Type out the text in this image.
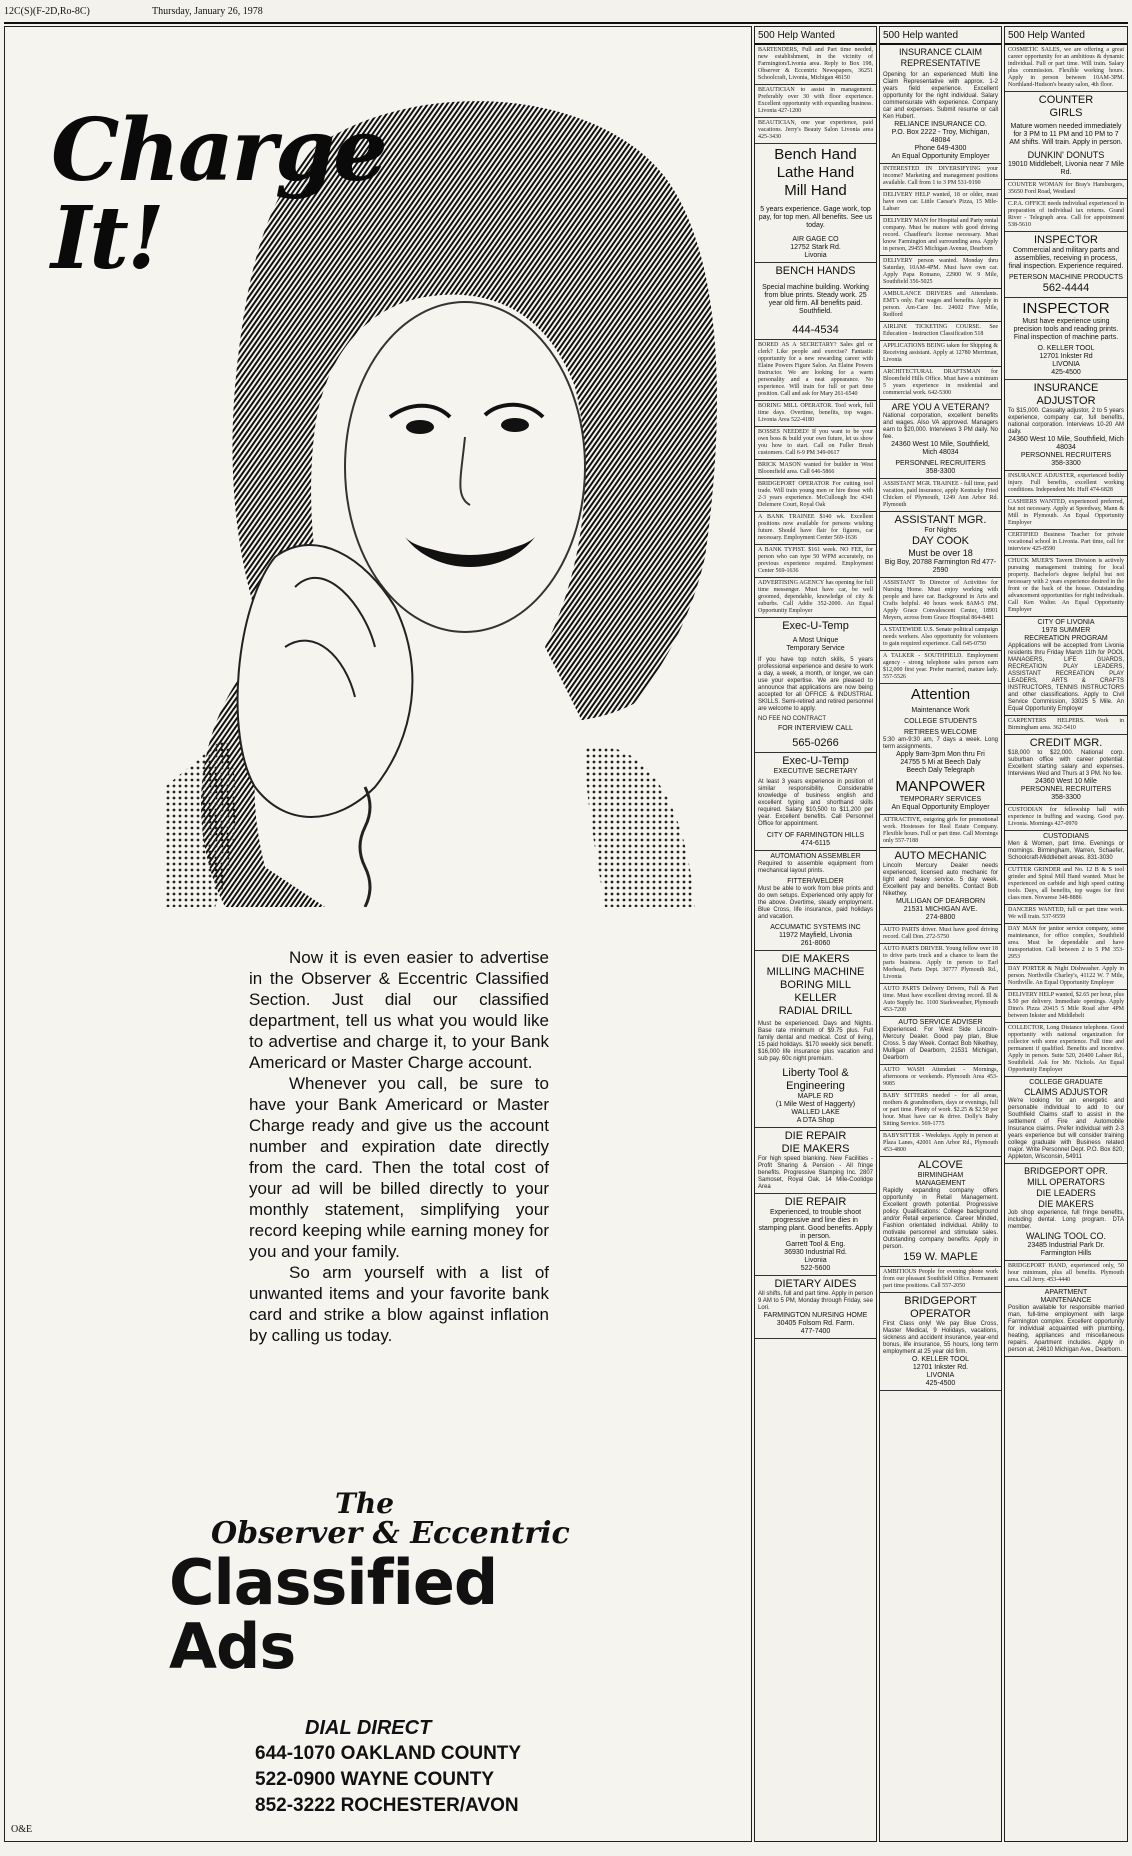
12C(S)(F-2D,Ro-8C)	Thursday, January 26, 1978
Charge
It!

Now it is even easier to advertise in the Observer & Eccentric Classified Section. Just dial our classified department, tell us what you would like to advertise and charge it, to your Bank Americard or Master Charge account.

Whenever you call, be sure to have your Bank Americard or Master Charge ready and give us the account number and expiration date directly from the card. Then the total cost of your ad will be billed directly to your monthly statement, simplifying your record keeping while earning money for you and your family.

So arm yourself with a list of unwanted items and your favorite bank card and strike a blow against inflation by calling us today.

The
Observer & Eccentric
Classified Ads
DIAL DIRECT
644-1070 OAKLAND COUNTY
522-0900 WAYNE COUNTY
852-3222 ROCHESTER/AVON
O&E
500 Help Wanted
BARTENDERS, Full and Part time needed, new establishment, in the vicinity of Farmington/Livonia area. Reply to Box 198, Observer & Eccentric Newspapers, 36251 Schoolcraft, Livonia, Michigan 48150
BEAUTICIAN to assist in management. Preferably over 30 with floor experience. Excellent opportunity with expanding business. Livonia 427-1200
BEAUTICIAN, one year experience, paid vacations. Jerry's Beauty Salon Livonia area 425-3430
Bench Hand
Lathe Hand
Mill Hand
5 years experience. Gage work, top pay, for top men. All benefits. See us today.
AIR GAGE CO
12752 Stark Rd.
Livonia
BENCH HANDS
Special machine building. Working from blue prints. Steady work. 25 year old firm. All benefits paid. Southfield.
444-4534
BORED AS A SECRETARY? Sales girl or clerk? Like people and exercise? Fantastic opportunity for a new rewarding career with Elaine Powers Figure Salon. An Elaine Powers Instructor. We are looking for a warm personality and a neat appearance. No experience. Will train for full or part time position. Call and ask for Mary 261-6540
BORING MILL OPERATOR. Tool work, full time days. Overtime, benefits, top wages. Livonia Area 522-4180
BOSSES NEEDED! If you want to be your own boss & build your own future, let us show you how to start. Call on Fuller Brush customers. Call 6-9 PM 349-0617
BRICK MASON wanted for builder in West Bloomfield area. Call 646-5866
BRIDGEPORT OPERATOR For cutting tool trade. Will train young men or hire those with 2-3 years experience. McCullough Inc 4341 Delemere Court, Royal Oak
A BANK TRAINEE $140 wk. Excellent positions now available for persons wishing future. Should have flair for figures, car necessary. Employment Center 569-1636
A BANK TYPIST. $161 week. NO FEE, for person who can type 50 WPM accurately, no previous experience required. Employment Center 569-1636
ADVERTISING AGENCY has opening for full time messenger. Must have car, be well groomed, dependable, knowledge of city & suburbs. Call Addie 352-2000. An Equal Opportunity Employer
Exec-U-Temp
A Most Unique
Temporary Service
If you have top notch skills, 5 years professional experience and desire to work a day, a week, a month, or longer, we can use your expertise. We are pleased to announce that applications are now being accepted for all OFFICE & INDUSTRIAL SKILLS. Semi-retired and retired personnel are welcome to apply.
NO FEE NO CONTRACT
FOR INTERVIEW CALL
565-0266
Exec-U-Temp
EXECUTIVE SECRETARY
At least 3 years experience in position of similar responsibility. Considerable knowledge of business english and excellent typing and shorthand skills required. Salary $10,500 to $11,200 per year. Excellent benefits. Call Personnel Office for appointment.
CITY OF FARMINGTON HILLS
474-6115
AUTOMATION ASSEMBLER
Required to assemble equipment from mechanical layout prints.
FITTER/WELDER
Must be able to work from blue prints and do own setups. Experienced only apply for the above. Overtime, steady employment. Blue Cross, life insurance, paid holidays and vacation.
ACCUMATIC SYSTEMS INC
11972 Mayfield, Livonia
261-8060
DIE MAKERS
MILLING MACHINE
BORING MILL
KELLER
RADIAL DRILL
Must be experienced. Days and Nights. Base rate minimum of $9.75 plus. Full family dental and medical. Cost of living, 15 paid holidays. $170 weekly sick benefit. $16,000 life insurance plus vacation and sub pay. 60c night premium.
Liberty Tool &
Engineering
MAPLE RD
(1 Mile West of Haggerty)
WALLED LAKE
A DTA Shop
DIE REPAIR
DIE MAKERS
For high speed blanking. New Facilities - Profit Sharing & Pension - All fringe benefits. Progressive Stamping Inc. 2807 Samoset, Royal Oak. 14 Mile-Coolidge Area
DIE REPAIR
Experienced, to trouble shoot progressive and line dies in stamping plant. Good benefits. Apply in person.
Garrett Tool & Eng.
36930 Industrial Rd.
Livonia
522-5600
DIETARY AIDES
All shifts, full and part time. Apply in person 9 AM to 5 PM, Monday through Friday, see Lori.
FARMINGTON NURSING HOME
30405 Folsom Rd. Farm.
477-7400
500 Help wanted
INSURANCE CLAIM
REPRESENTATIVE
Opening for an experienced Multi line Claim Representative with approx. 1-2 years field experience. Excellent opportunity for the right individual. Salary commensurate with experience. Company car and expenses. Submit resume or call Ken Hubert.
RELIANCE INSURANCE CO.
P.O. Box 2222 - Troy, Michigan, 48084
Phone 649-4300
An Equal Opportunity Employer
INTERESTED IN DIVERSIFYING your income? Marketing and management positions available. Call from 1 to 3 PM 531-9190
DELIVERY HELP wanted, 18 or older, must have own car. Little Caesar's Pizza, 15 Mile-Lahser
DELIVERY MAN for Hospital and Party rental company. Must be mature with good driving record. Chauffeur's license necessary. Must know Farmington and surrounding area. Apply in person, 29455 Michigan Avenue, Dearborn
DELIVERY person wanted. Monday thru Saturday, 10AM-4PM. Must have own car. Apply Papa Romano, 22900 W. 9 Mile, Southfield 356-5025
AMBULANCE DRIVERS and Attendants. EMT's only. Fair wages and benefits. Apply in person. Am-Care Inc. 24602 Five Mile, Redford
AIRLINE TICKETING COURSE. See Education - Instruction Classification 518
APPLICATIONS BEING taken for Shipping & Receiving assistant. Apply at 12780 Merriman, Livonia
ARCHITECTURAL DRAFTSMAN for Bloomfield Hills Office. Must have a minimum 5 years experience in residential and commercial work. 642-5300
ARE YOU A VETERAN?
National corporation, excellent benefits and wages. Also VA approved. Managers earn to $20,000. Interviews 3 PM daily. No fee.
24360 West 10 Mile, Southfield, Mich 48034
PERSONNEL RECRUITERS
358-3300
ASSISTANT MGR. TRAINEE - full time, paid vacation, paid insurance, apply Kentucky Fried Chicken of Plymouth, 1249 Ann Arbor Rd. Plymouth
ASSISTANT MGR.
For Nights
DAY COOK
Must be over 18
Big Boy, 20788 Farmington Rd 477-2590
ASSISTANT To Director of Activities for Nursing Home. Must enjoy working with people and have car. Background in Arts and Crafts helpful. 40 hours week 8AM-5 PM. Apply Grace Convalescent Center, 18901 Meyers, across from Grace Hospital 864-8481
A STATEWIDE U.S. Senate political campaign needs workers. Also opportunity for volunteers to gain required experience. Call 645-0750
A TALKER - SOUTHFIELD. Employment agency - strong telephone sales person earn $12,000 first year. Prefer married, mature lady. 557-5526
Attention
Maintenance Work
COLLEGE STUDENTS
RETIREES WELCOME
5:30 am-9:30 am, 7 days a week. Long term assignments.
Apply 9am-3pm Mon thru Fri
24755 5 Mi at Beech Daly
Beech Daly Telegraph
MANPOWER
TEMPORARY SERVICES
An Equal Opportunity Employer
ATTRACTIVE, outgoing girls for promotional work. Hostesses for Real Estate Company. Flexible hours. Full or part time. Call Mornings only 557-7188
AUTO MECHANIC
Lincoln Mercury Dealer needs experienced, licensed auto mechanic for light and heavy service. 5 day week. Excellent pay and benefits. Contact Bob Nikethey.
MULLIGAN OF DEARBORN
21531 MICHIGAN AVE.
274-8800
AUTO PARTS driver. Must have good driving record. Call Don. 272-5750
AUTO PARTS DRIVER. Young fellow over 18 to drive parts truck and a chance to learn the parts business. Apply in person to Earl Morhead, Parts Dept. 30777 Plymouth Rd., Livonia
AUTO PARTS Delivery Drivers, Full & Part time. Must have excellent driving record. Ill & Auto Supply Inc. 1100 Starkweather, Plymouth 453-7200
AUTO SERVICE ADVISER
Experienced. For West Side Lincoln-Mercury Dealer. Good pay plan, Blue Cross. 5 day Week. Contact Bob Nikethey, Mulligan of Dearborn, 21531 Michigan, Dearborn
AUTO WASH Attendant - Mornings, afternoons or weekends. Plymouth Area 453-9085
BABY SITTERS needed - for all areas, mothers & grandmothers, days or evenings, full or part time. Plenty of work. $2.25 & $2.50 per hour. Must have car & drive. Dolly's Baby Sitting Service. 569-1775
BABYSITTER - Weekdays. Apply in person at Plaza Lanes, 42001 Ann Arbor Rd., Plymouth 453-4800
ALCOVE
BIRMINGHAM
MANAGEMENT
Rapidly expanding company offers opportunity in Retail Management. Excellent growth potential. Progressive policy. Qualifications: College background and/or Retail experience. Career Minded, Fashion orientated individual. Ability to motivate personnel and stimulate sales. Outstanding company benefits. Apply in person.
159 W. MAPLE
AMBITIOUS People for evening phone work from our pleasant Southfield Office. Permanent part time positions. Call 557-2050
BRIDGEPORT
OPERATOR
First Class only! We pay Blue Cross, Master Medical, 9 Holidays, vacations, sickness and accident insurance, year-end bonus, life insurance, 55 hours, long term employment at 25 year old firm.
O. KELLER TOOL
12701 Inkster Rd.
LIVONIA
425-4500
500 Help Wanted
COSMETIC SALES, we are offering a great career opportunity for an ambitious & dynamic individual. Full or part time. Will train. Salary plus commission. Flexible working hours. Apply in person between 10AM-3PM. Northland-Hudson's beauty salon, 4th floor.
COUNTER
GIRLS
Mature women needed immediately for 3 PM to 11 PM and 10 PM to 7 AM shifts. Will train. Apply in person.
DUNKIN' DONUTS
19010 Middlebelt, Livonia near 7 Mile Rd.
COUNTER WOMAN for Bray's Hamburgers, 35650 Ford Road, Westland
C.P.A. OFFICE needs individual experienced in preparation of individual tax returns. Grand River - Telegraph area. Call for appointment 538-5610
INSPECTOR
Commercial and military parts and assemblies, receiving in process, final inspection. Experience required.
PETERSON MACHINE PRODUCTS
562-4444
INSPECTOR
Must have experience using precision tools and reading prints. Final inspection of machine parts.
O. KELLER TOOL
12701 Inkster Rd
LIVONIA
425-4500
INSURANCE
ADJUSTOR
To $15,000. Casualty adjustor, 2 to 5 years experience, company car, full benefits, national corporation. Interviews 10-20 AM daily.
24360 West 10 Mile, Southfield, Mich 48034
PERSONNEL RECRUITERS
358-3300
INSURANCE ADJUSTER, experienced bodily injury. Full benefits, excellent working conditions. Independent Mr. Huff 474-6828
CASHIERS WANTED, experienced preferred, but not necessary. Apply at Speedway, Mann & Mill in Plymouth. An Equal Opportunity Employer
CERTIFIED Business Teacher for private vocational school in Livonia. Part time, call for interview 425-8590
CHUCK MUER'S Tavern Division is actively pursuing management training for local property. Bachelor's degree helpful but not necessary with 2 years experience desired in the front or the back of the house. Outstanding advancement opportunities for right individuals. Call Ken Walter. An Equal Opportunity Employer
CITY OF LIVONIA
1978 SUMMER
RECREATION PROGRAM
Applications will be accepted from Livonia residents thru Friday March 11th for POOL MANAGERS, LIFE GUARDS, RECREATION PLAY LEADERS, ASSISTANT RECREATION PLAY LEADERS, ARTS & CRAFTS INSTRUCTORS, TENNIS INSTRUCTORS and other classifications. Apply to Civil Service Commission, 33025 5 Mile. An Equal Opportunity Employer
CARPENTERS HELPERS. Work in Birmingham area. 362-5410
CREDIT MGR.
$18,000 to $22,000. National corp. suburban office with career potential. Excellent starting salary and expenses. Interviews Wed and Thurs at 3 PM. No fee.
24360 West 10 Mile
PERSONNEL RECRUITERS
358-3300
CUSTODIAN for fellowship hall with experience in buffing and waxing. Good pay. Livonia. Mornings 427-0970
CUSTODIANS
Men & Women, part time. Evenings or mornings. Birmingham, Warren, Schaefer, Schoolcraft-Middlebelt areas. 831-3030
CUTTER GRINDER and No. 12 B & S tool grinder and Spiral Mill Hand wanted. Must be experienced on carbide and high speed cutting tools. Days, all benefits, top wages for first class men. Novarese 348-8886
DANCERS WANTED, full or part time work. We will train. 537-9559
DAY MAN for janitor service company, some maintenance, for office complex, Southfield area. Must be dependable and have transportation. Call between 2 to 5 PM 353-2953
DAY PORTER & Night Dishwasher. Apply in person. Northville Charley's, 41122 W. 7 Mile, Northville. An Equal Opportunity Employer
DELIVERY HELP wanted, $2.65 per hour, plus $.50 per delivery. Immediate openings. Apply Dino's Pizza 20415 5 Mile Road after 4PM between Inkster and Middlebelt
COLLECTOR, Long Distance telephone. Good opportunity with national organization for collector with some experience. Full time and permanent if qualified. Benefits and incentive. Apply in person. Suite 520, 26400 Lahser Rd., Southfield. Ask for Mr. Nichols. An Equal Opportunity Employer
COLLEGE GRADUATE
CLAIMS ADJUSTOR
We're looking for an energetic and personable individual to add to our Southfield Claims staff to assist in the settlement of Fire and Automobile Insurance claims. Prefer individual with 2-3 years experience but will consider training college graduate with Business related major. Write Personnel Dept. P.O. Box 820, Appleton, Wisconsin, 54911
BRIDGEPORT OPR.
MILL OPERATORS
DIE LEADERS
DIE MAKERS
Job shop experience, full fringe benefits, including dental. Long program. DTA member.
WALING TOOL CO.
23485 Industrial Park Dr.
Farmington Hills
BRIDGEPORT HAND, experienced only, 50 hour minimum, plus all benefits. Plymouth area. Call Jerry. 453-4440
APARTMENT
MAINTENANCE
Position available for responsible married man, full-time employment with large Farmington complex. Excellent opportunity for individual acquainted with plumbing, heating, appliances and miscellaneous repairs. Apartment includes. Apply in person at, 24610 Michigan Ave., Dearborn.
